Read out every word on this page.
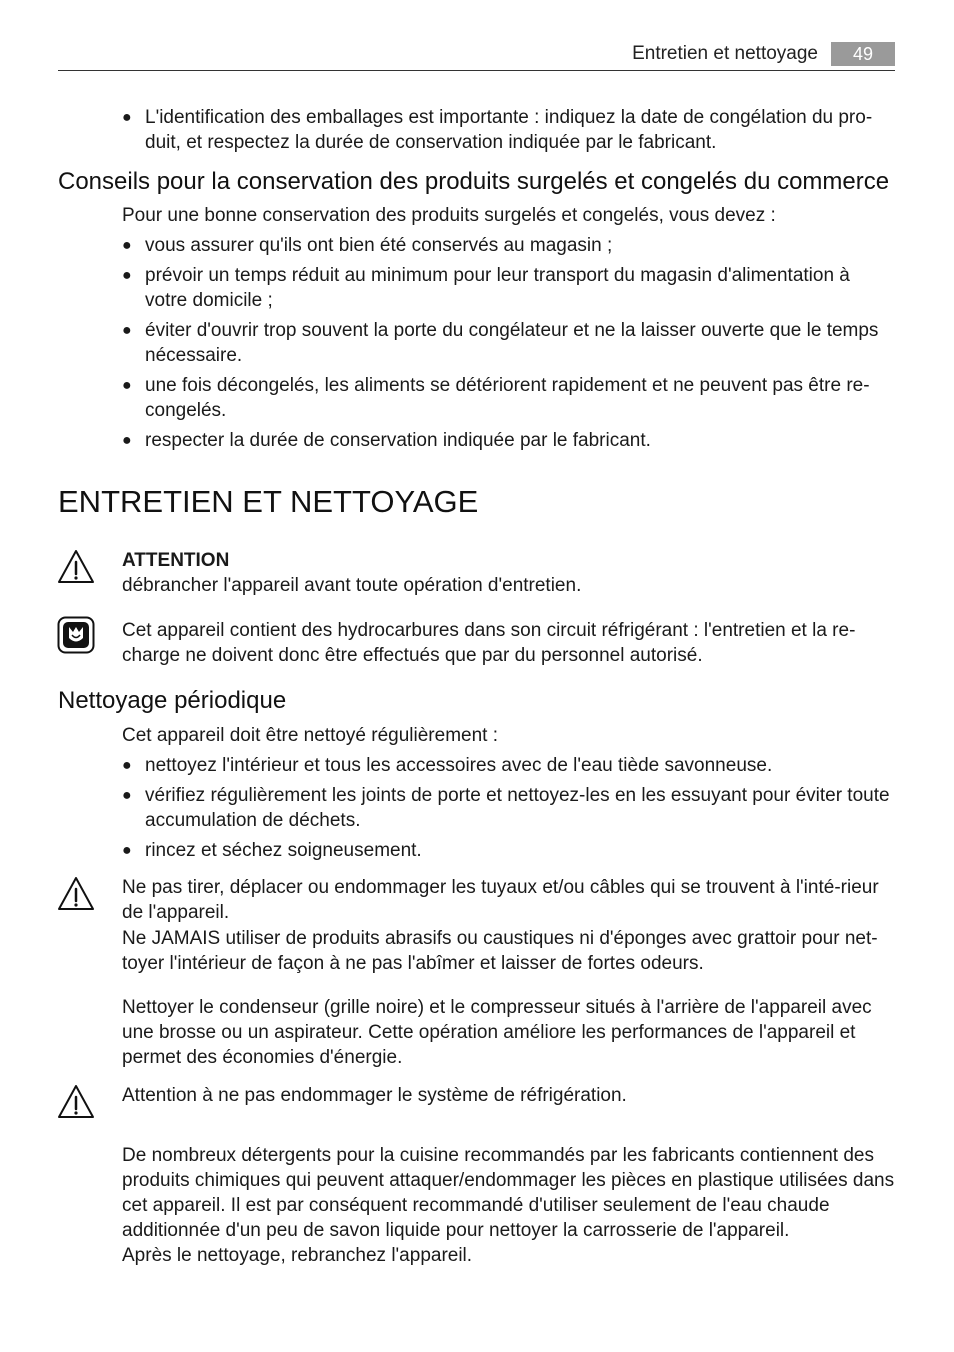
Entretien et nettoyage	49
● L'identification des emballages est importante : indiquez la date de congélation du pro-duit, et respectez la durée de conservation indiquée par le fabricant.
Conseils pour la conservation des produits surgelés et congelés du commerce

Pour une bonne conservation des produits surgelés et congelés, vous devez :

● vous assurer qu'ils ont bien été conservés au magasin ;
● prévoir un temps réduit au minimum pour leur transport du magasin d'alimentation à votre domicile ;
● éviter d'ouvrir trop souvent la porte du congélateur et ne la laisser ouverte que le temps nécessaire.
● une fois décongelés, les aliments se détériorent rapidement et ne peuvent pas être re-congelés.
● respecter la durée de conservation indiquée par le fabricant.
ENTRETIEN ET NETTOYAGE
ATTENTION

débrancher l'appareil avant toute opération d'entretien.

Cet appareil contient des hydrocarbures dans son circuit réfrigérant : l'entretien et la re-charge ne doivent donc être effectués que par du personnel autorisé.

Nettoyage périodique

Cet appareil doit être nettoyé régulièrement :

● nettoyez l'intérieur et tous les accessoires avec de l'eau tiède savonneuse.
● vérifiez régulièrement les joints de porte et nettoyez-les en les essuyant pour éviter toute accumulation de déchets.
● rincez et séchez soigneusement.

Ne pas tirer, déplacer ou endommager les tuyaux et/ou câbles qui se trouvent à l'inté-rieur de l'appareil.

Ne JAMAIS utiliser de produits abrasifs ou caustiques ni d'éponges avec grattoir pour net-toyer l'intérieur de façon à ne pas l'abîmer et laisser de fortes odeurs.

Nettoyer le condenseur (grille noire) et le compresseur situés à l'arrière de l'appareil avec une brosse ou un aspirateur. Cette opération améliore les performances de l'appareil et permet des économies d'énergie.

Attention à ne pas endommager le système de réfrigération.

De nombreux détergents pour la cuisine recommandés par les fabricants contiennent des produits chimiques qui peuvent attaquer/endommager les pièces en plastique utilisées dans cet appareil. Il est par conséquent recommandé d'utiliser seulement de l'eau chaude additionnée d'un peu de savon liquide pour nettoyer la carrosserie de l'appareil.

Après le nettoyage, rebranchez l'appareil.
